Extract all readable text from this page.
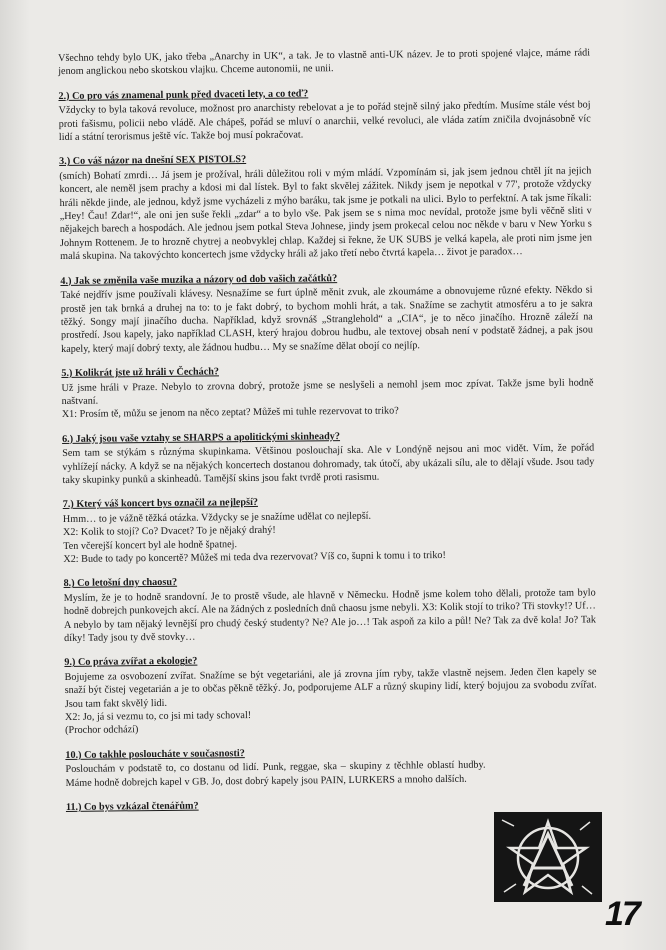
Všechno tehdy bylo UK, jako třeba „Anarchy in UK“, a tak. Je to vlastně anti-UK název. Je to proti spojené vlajce, máme rádi jenom anglickou nebo skotskou vlajku. Chceme autonomii, ne unii.

2.) Co pro vás znamenal punk před dvaceti lety, a co teď?

Vždycky to byla taková revoluce, možnost pro anarchisty rebelovat a je to pořád stejně silný jako předtím. Musíme stále vést boj proti fašismu, policii nebo vládě. Ale chápeš, pořád se mluví o anarchii, velké revoluci, ale vláda zatím zničila dvojnásobně víc lidí a státní terorismus ještě víc. Takže boj musí pokračovat.

3.) Co váš názor na dnešní SEX PISTOLS?

(smích) Bohatí zmrdi… Já jsem je prožíval, hráli důležitou roli v mým mládí. Vzpomínám si, jak jsem jednou chtěl jít na jejich koncert, ale neměl jsem prachy a kdosi mi dal lístek. Byl to fakt skvělej zážitek. Nikdy jsem je nepotkal v 77', protože vždycky hráli někde jinde, ale jednou, když jsme vycházeli z mýho baráku, tak jsme je potkali na ulici. Bylo to perfektní. A tak jsme říkali: „Hey! Čau! Zdar!“, ale oni jen suše řekli „zdar“ a to bylo vše. Pak jsem se s nima moc nevídal, protože jsme byli věčně sliti v nějakejch barech a hospodách. Ale jednou jsem potkal Steva Johnese, jindy jsem prokecal celou noc někde v baru v New Yorku s Johnym Rottenem. Je to hrozně chytrej a neobvyklej chlap. Každej si řekne, že UK SUBS je velká kapela, ale proti nim jsme jen malá skupina. Na takovýchto koncertech jsme vždycky hráli až jako třetí nebo čtvrtá kapela… život je paradox…

4.) Jak se změnila vaše muzika a názory od dob vašich začátků?

Také nejdřív jsme používali klávesy. Nesnažíme se furt úplně měnit zvuk, ale zkoumáme a obnovujeme různé efekty. Někdo si prostě jen tak brnká a druhej na to: to je fakt dobrý, to bychom mohli hrát, a tak. Snažíme se zachytit atmosféru a to je sakra těžký. Songy mají jinačího ducha. Například, když srovnáš „Stranglehold“ a „CIA“, je to něco jinačího. Hrozně záleží na prostředí. Jsou kapely, jako například CLASH, který hrajou dobrou hudbu, ale textovej obsah není v podstatě žádnej, a pak jsou kapely, který mají dobrý texty, ale žádnou hudbu… My se snažíme dělat obojí co nejlíp.

5.) Kolikrát jste už hráli v Čechách?

Už jsme hráli v Praze. Nebylo to zrovna dobrý, protože jsme se neslyšeli a nemohl jsem moc zpívat. Takže jsme byli hodně naštvaní.

X1: Prosím tě, můžu se jenom na něco zeptat? Můžeš mi tuhle rezervovat to triko?

6.) Jaký jsou vaše vztahy se SHARPS a apolitickými skinheady?

Sem tam se stýkám s různýma skupinkama. Většinou poslouchají ska. Ale v Londýně nejsou ani moc vidět. Vím, že pořád vyhlížejí náckу. A když se na nějakých koncertech dostanou dohromady, tak útočí, aby ukázali sílu, ale to dělají všude. Jsou tady taky skupinky punků a skinheadů. Tamější skins jsou fakt tvrdě proti rasismu.

7.) Který váš koncert bys označil za nejlepší?

Hmm… to je vážně těžká otázka. Vždycky se je snažíme udělat co nejlepší.

X2: Kolik to stojí? Co? Dvacet? To je nějaký drahý!

Ten včerejší koncert byl ale hodně špatnej.

X2: Bude to tady po koncertě? Můžeš mi tedа dva rezervovat? Víš co, šupni k tomu i to triko!

8.) Co letošní dny chaosu?

Myslím, že je to hodně srandovní. Je to prostě všude, ale hlavně v Německu. Hodně jsme kolem toho dělali, protože tam bylo hodně dobrejch punkovejch akcí. Ale na žádných z posledních dnů chaosu jsme nebyli. X3: Kolik stojí to triko? Tři stovky!? Uf… A nebylo by tam nějaký levnější pro chudý český studenty? Ne? Ale jo…! Tak aspoň za kilo a půl! Ne? Tak za dvě kola! Jo? Tak díky! Tady jsou ty dvě stovky…

9.) Co práva zvířat a ekologie?

Bojujeme za osvobození zvířat. Snažíme se být vegetariáni, ale já zrovna jím ryby, takže vlastně nejsem. Jeden člen kapely se snaží být čistej vegetarián a je to občas pěkně těžký. Jo, podporujeme ALF a různý skupiny lidí, který bojujou za svobodu zvířat. Jsou tam fakt skvělý lidi.

X2: Jo, já si vezmu to, co jsi mi tady schoval!

(Prochor odchází)

10.) Co takhle posloucháte v současnosti?

Poslouchám v podstatě to, co dostanu od lidí. Punk, reggae, ska – skupiny z těchhle oblastí hudby. Máme hodně dobrejch kapel v GB. Jo, dost dobrý kapely jsou PAIN, LURKERS a mnoho dalších.

11.) Co bys vzkázal čtenářům?
17
